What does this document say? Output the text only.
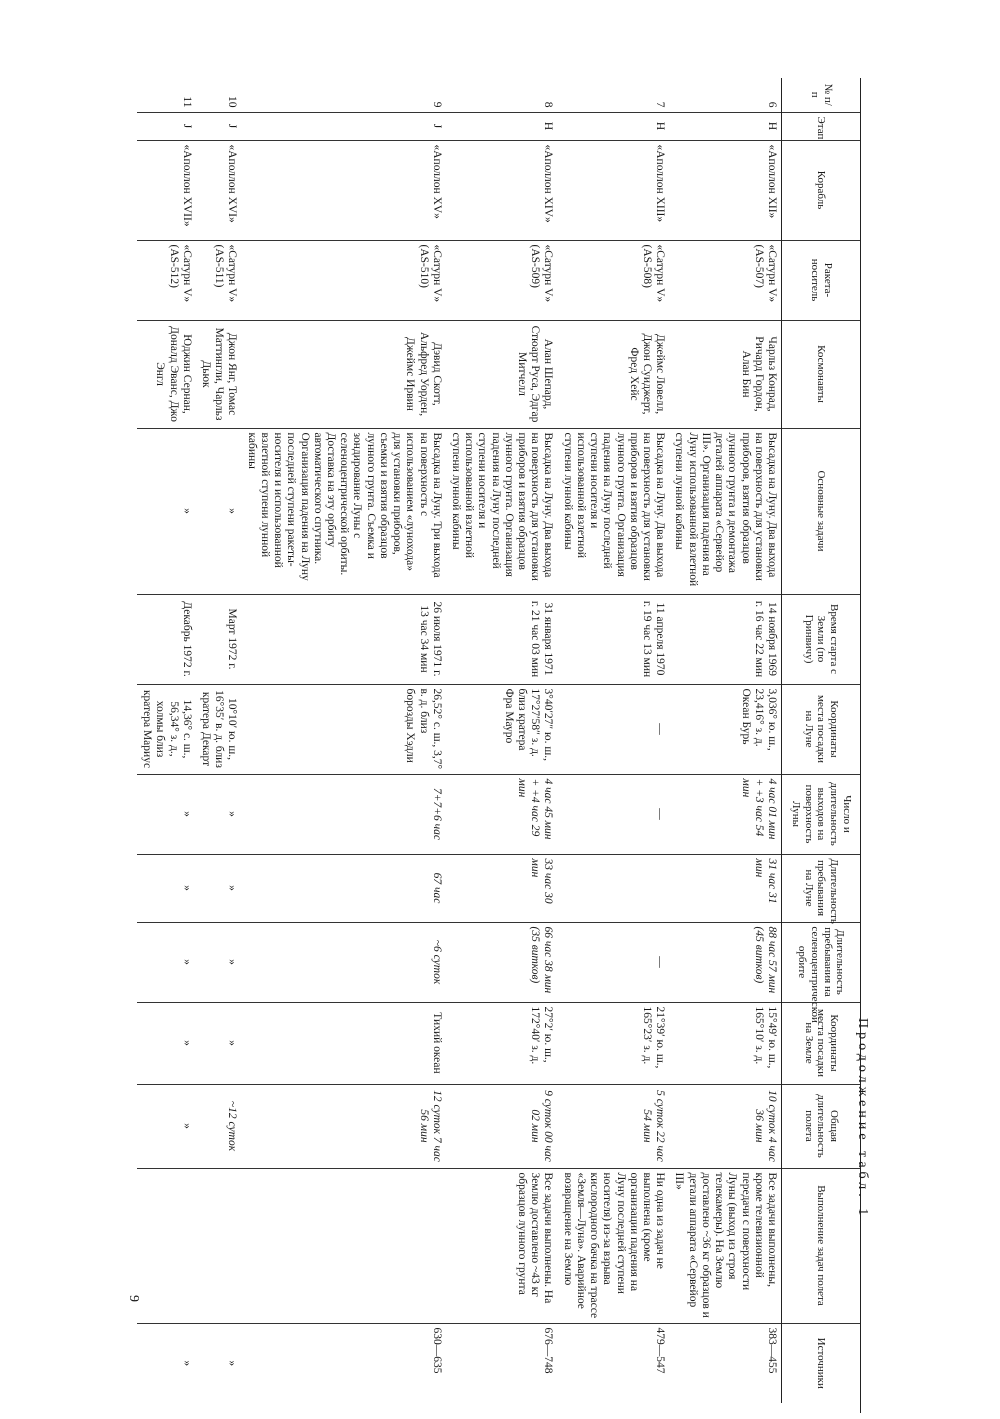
Продолжение табл. 1
№ п/п	Этап	Корабль	Ракета-носитель	Космонавты	Основные задачи	Время старта с Земли (по Гринвичу)	Координаты места посадки на Луне	Число и длительность выходов на поверхность Луны	Длительность пребывания на Луне	Длительность пребывания на селеноцентрической орбите	Координаты места посадки на Земле	Общая длительность полета	Выполнение задач полета	Источники
6	H	«Аполлон XII»	«Сатурн V» (AS-507)	Чарльз Конрад, Ричард Гордон, Алан Бин	Высадка на Луну. Два выхода на поверхность для установки приборов, взятия образцов лунного грунта и демонтажа деталей аппарата «Сервейор III». Организация падения на Луну использованной взлетной ступени лунной кабины	14 ноября 1969 г. 16 час 22 мин	3,036° ю. ш., 23,416° з. д. Океан Бурь	4 час 01 мин + +3 час 54 мин	31 час 31 мин	88 час 57 мин (45 витков)	15°49′ ю. ш., 165°10′ з. д.	10 суток 4 час 36 мин	Все задачи выполнены, кроме телевизионной передачи с поверхности Луны (выход из строя телекамеры). На Землю доставлено ~36 кг образцов и детали аппарата «Сервейор III»	383—455
7	H	«Аполлон XIII»	«Сатурн V» (AS-508)	Джеймс Ловелл, Джон Суиджерт, Фред Хейс	Высадка на Луну. Два выхода на поверхность для установки приборов и взятия образцов лунного грунта. Организация падения на Луну последней ступени носителя и использованной взлетной ступени лунной кабины	11 апреля 1970 г. 19 час 13 мин	—	—		—	21°39′ ю. ш., 165°23′ з. д.	5 суток 22 час 54 мин	Ни одна из задач не выполнена (кроме организации падения на Луну последней ступени носителя) из-за взрыва кислородного бачка на трассе «Земля—Луна». Аварийное возвращение на Землю	479—547
8	H	«Аполлон XIV»	«Сатурн V» (AS-509)	Алан Шепард, Стюарт Руса, Эдгар Митчелл	Высадка на Луну. Два выхода на поверхность для установки приборов и взятия образцов лунного грунта. Организация падения на Луну последней ступени носителя и использованной взлетной ступени лунной кабины	31 января 1971 г. 21 час 03 мин	3°40′27″ ю. ш., 17°27′58″ з. д. близ кратера Фра Мауро	4 час 45 мин + +4 час 29 мин	33 час 30 мин	66 час 38 мин (35 витков)	27°2′ ю. ш., 172°40′ з. д.	9 суток 00 час 02 мин	Все задачи выполнены. На Землю доставлено ~43 кг образцов лунного грунта	676—748
9	J	«Аполлон XV»	«Сатурн V» (AS-510)	Дэвид Скотт, Альфред Уорден, Джеймс Ирвин	Высадка на Луну. Три выхода на поверхность с использованием «лунохода» для установки приборов, съемки и взятия образцов лунного грунта. Съемка и зондирование Луны с селеноцентрической орбиты. Доставка на эту орбиту автоматического спутника. Организация падения на Луну последней ступени ракеты-носителя и использованной взлетной ступени лунной кабины	26 июля 1971 г. 13 час 34 мин	26,52° с. ш., 3,7° в. д. близ борозды Хэдли	7+7+6 час	67 час	~6 суток	Тихий океан	12 суток 7 час 56 мин		630—635
10	J	«Аполлон XVI»	«Сатурн V» (AS-511)	Джон Янг, Томас Маттингли, Чарльз Дьюк	»	Март 1972 г.	10°10′ ю. ш., 16°35′ в. д. близ кратера Декарт	»	»	»	»	~12 суток		»
11	J	«Аполлон XVII»	«Сатурн V» (AS-512)	Юджин Сернан, Доналд Эванс, Джо Энгл	»	Декабрь 1972 г.	14,36° с. ш., 56,34° з. д., холмы близ кратера Мариус	»	»	»	»	»		»
9
